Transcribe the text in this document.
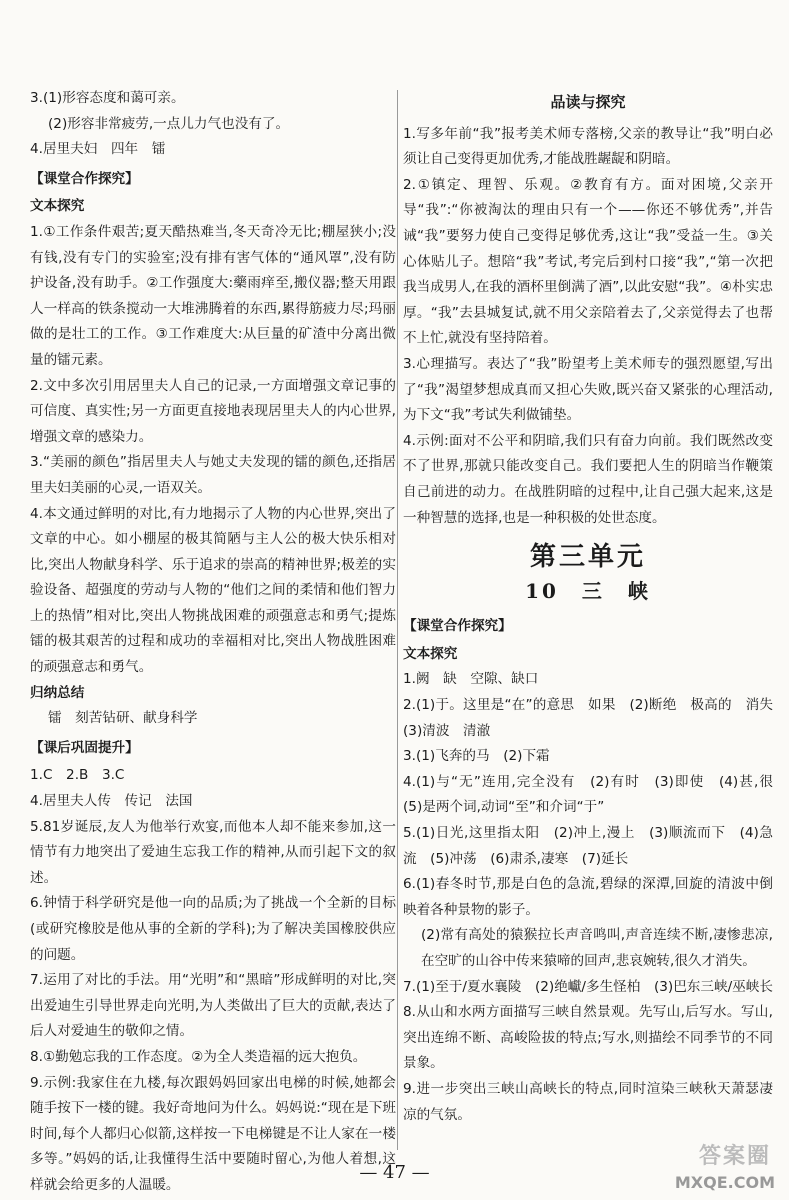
3.(1)形容态度和蔼可亲。

(2)形容非常疲劳,一点儿力气也没有了。

4.居里夫妇　四年　镭

【课堂合作探究】

文本探究

1.①工作条件艰苦;夏天酷热难当,冬天奇冷无比;棚屋狭小;没有钱,没有专门的实验室;没有排有害气体的“通风罩”,没有防护设备,没有助手。②工作强度大:藥雨痒至,搬仪器;整天用跟人一样高的铁条搅动一大堆沸腾着的东西,累得筋疲力尽;玛丽做的是壮工的工作。③工作难度大:从巨量的矿渣中分离出微量的镭元素。

2.文中多次引用居里夫人自己的记录,一方面增强文章记事的可信度、真实性;另一方面更直接地表现居里夫人的内心世界,增强文章的感染力。

3.“美丽的颜色”指居里夫人与她丈夫发现的镭的颜色,还指居里夫妇美丽的心灵,一语双关。

4.本文通过鲜明的对比,有力地揭示了人物的内心世界,突出了文章的中心。如小棚屋的极其简陋与主人公的极大快乐相对比,突出人物献身科学、乐于追求的崇高的精神世界;极差的实验设备、超强度的劳动与人物的“他们之间的柔情和他们智力上的热情”相对比,突出人物挑战困难的顽强意志和勇气;提炼镭的极其艰苦的过程和成功的幸福相对比,突出人物战胜困难的顽强意志和勇气。

归纳总结

镭　刻苦钻研、献身科学

【课后巩固提升】

1.C　2.B　3.C

4.居里夫人传　传记　法国

5.81岁诞辰,友人为他举行欢宴,而他本人却不能来参加,这一情节有力地突出了爱迪生忘我工作的精神,从而引起下文的叙述。

6.钟情于科学研究是他一向的品质;为了挑战一个全新的目标(或研究橡胶是他从事的全新的学科);为了解决美国橡胶供应的问题。

7.运用了对比的手法。用“光明”和“黑暗”形成鲜明的对比,突出爱迪生引导世界走向光明,为人类做出了巨大的贡献,表达了后人对爱迪生的敬仰之情。

8.①勤勉忘我的工作态度。②为全人类造福的远大抱负。

9.示例:我家住在九楼,每次跟妈妈回家出电梯的时候,她都会随手按下一楼的键。我好奇地问为什么。妈妈说:“现在是下班时间,每个人都归心似箭,这样按一下电梯键是不让人家在一楼多等。”妈妈的话,让我懂得生活中要随时留心,为他人着想,这样就会给更多的人温暖。

品读与探究

1.写多年前“我”报考美术师专落榜,父亲的教导让“我”明白必须让自己变得更加优秀,才能战胜龌龊和阴暗。

2.①镇定、理智、乐观。②教育有方。面对困境,父亲开导“我”:“你被淘汰的理由只有一个——你还不够优秀”,并告诫“我”要努力使自己变得足够优秀,这让“我”受益一生。③关心体贴儿子。想陪“我”考试,考完后到村口接“我”,“第一次把我当成男人,在我的酒杯里倒满了酒”,以此安慰“我”。④朴实忠厚。“我”去县城复试,就不用父亲陪着去了,父亲觉得去了也帮不上忙,就没有坚持陪着。

3.心理描写。表达了“我”盼望考上美术师专的强烈愿望,写出了“我”渴望梦想成真而又担心失败,既兴奋又紧张的心理活动,为下文“我”考试失利做铺垫。

4.示例:面对不公平和阴暗,我们只有奋力向前。我们既然改变不了世界,那就只能改变自己。我们要把人生的阴暗当作鞭策自己前进的动力。在战胜阴暗的过程中,让自己强大起来,这是一种智慧的选择,也是一种积极的处世态度。

第三单元

10　三　峡

【课堂合作探究】

文本探究

1.阙　缺　空隙、缺口

2.(1)于。这里是“在”的意思　如果　(2)断绝　极高的　消失　(3)清波　清澈

3.(1)飞奔的马　(2)下霜

4.(1)与“无”连用,完全没有　(2)有时　(3)即使　(4)甚,很　(5)是两个词,动词“至”和介词“于”

5.(1)日光,这里指太阳　(2)冲上,漫上　(3)顺流而下　(4)急流　(5)冲荡　(6)肃杀,凄寒　(7)延长

6.(1)春冬时节,那是白色的急流,碧绿的深潭,回旋的清波中倒映着各种景物的影子。

(2)常有高处的猿猴拉长声音鸣叫,声音连续不断,凄惨悲凉,在空旷的山谷中传来猿啼的回声,悲哀婉转,很久才消失。

7.(1)至于/夏水襄陵　(2)绝巘/多生怪柏　(3)巴东三峡/巫峡长

8.从山和水两方面描写三峡自然景观。先写山,后写水。写山,突出连绵不断、高峻险拔的特点;写水,则描绘不同季节的不同景象。

9.进一步突出三峡山高峡长的特点,同时渲染三峡秋天萧瑟凄凉的气氛。

— 47 —
答案圈
MXQE.COM
